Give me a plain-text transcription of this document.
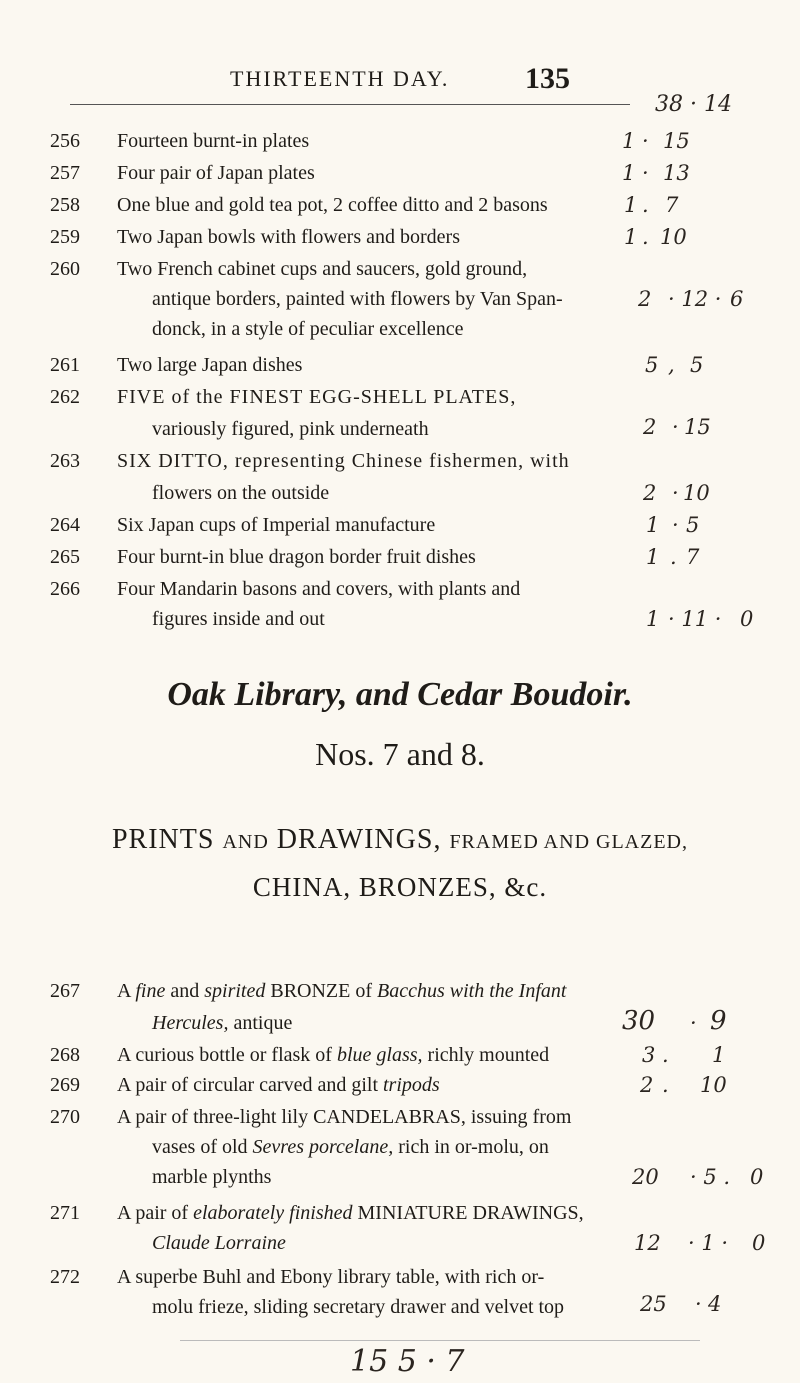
THIRTEENTH DAY.	135
38 · 14
256 Fourteen burnt-in plates	1 · 15
257 Four pair of Japan plates	1 · 13
258 One blue and gold tea pot, 2 coffee ditto and 2 basons	1 . 7
259 Two Japan bowls with flowers and borders	1 . 10
260 Two French cabinet cups and saucers, gold ground,
antique borders, painted with flowers by Van Span-
donck, in a style of peculiar excellence
2 · 12 · 6
261 Two large Japan dishes	5 , 5
262 FIVE of the FINEST EGG-SHELL PLATES,
variously figured, pink underneath	2 · 15
263 SIX DITTO, representing Chinese fishermen, with
flowers on the outside	2 · 10
264 Six Japan cups of Imperial manufacture	1 · 5
265 Four burnt-in blue dragon border fruit dishes	1 . 7
266 Four Mandarin basons and covers, with plants and
figures inside and out	1 · 11 · 0
Oak Library, and Cedar Boudoir.
Nos. 7 and 8.
PRINTS AND DRAWINGS, FRAMED AND GLAZED,
CHINA, BRONZES, &c.
267 A fine and spirited BRONZE of Bacchus with the Infant
Hercules, antique	30 · 9
268 A curious bottle or flask of blue glass, richly mounted	3 . 1
269 A pair of circular carved and gilt tripods	2 . 10
270 A pair of three-light lily CANDELABRAS, issuing from
vases of old Sevres porcelane, rich in or-molu, on
marble plynths	20 · 5 . 0
271 A pair of elaborately finished MINIATURE DRAWINGS,
Claude Lorraine	12 · 1 · 0
272 A superbe Buhl and Ebony library table, with rich or-
molu frieze, sliding secretary drawer and velvet top	25 · 4
15 5 · 7
